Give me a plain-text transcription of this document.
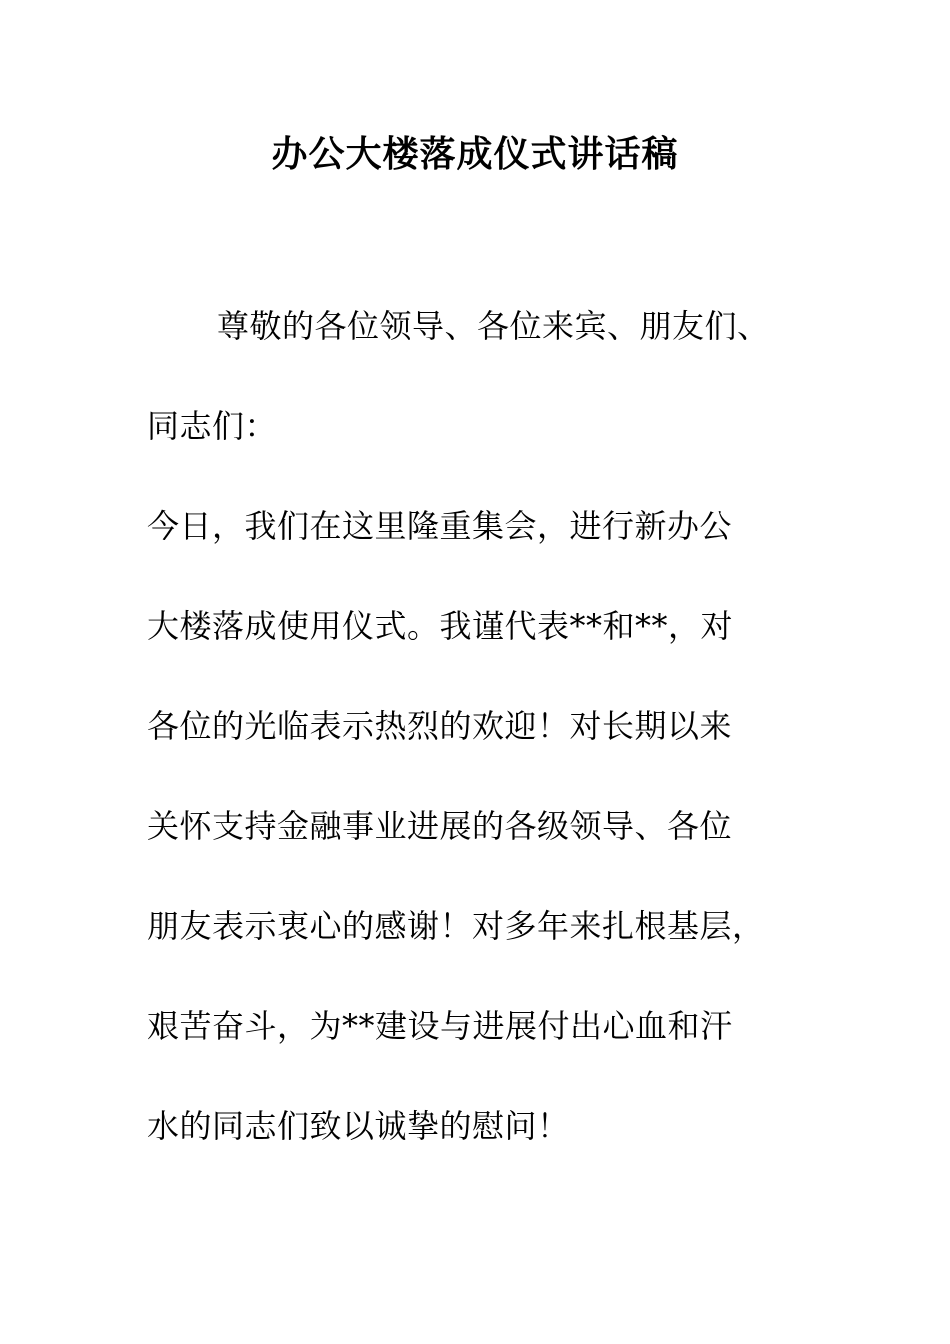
办公大楼落成仪式讲话稿
尊敬的各位领导、各位来宾、朋友们、
同志们：
今日，我们在这里隆重集会，进行新办公
大楼落成使用仪式。我谨代表**和**，对
各位的光临表示热烈的欢迎！对长期以来
关怀支持金融事业进展的各级领导、各位
朋友表示衷心的感谢！对多年来扎根基层，
艰苦奋斗，为**建设与进展付出心血和汗
水的同志们致以诚挚的慰问！
